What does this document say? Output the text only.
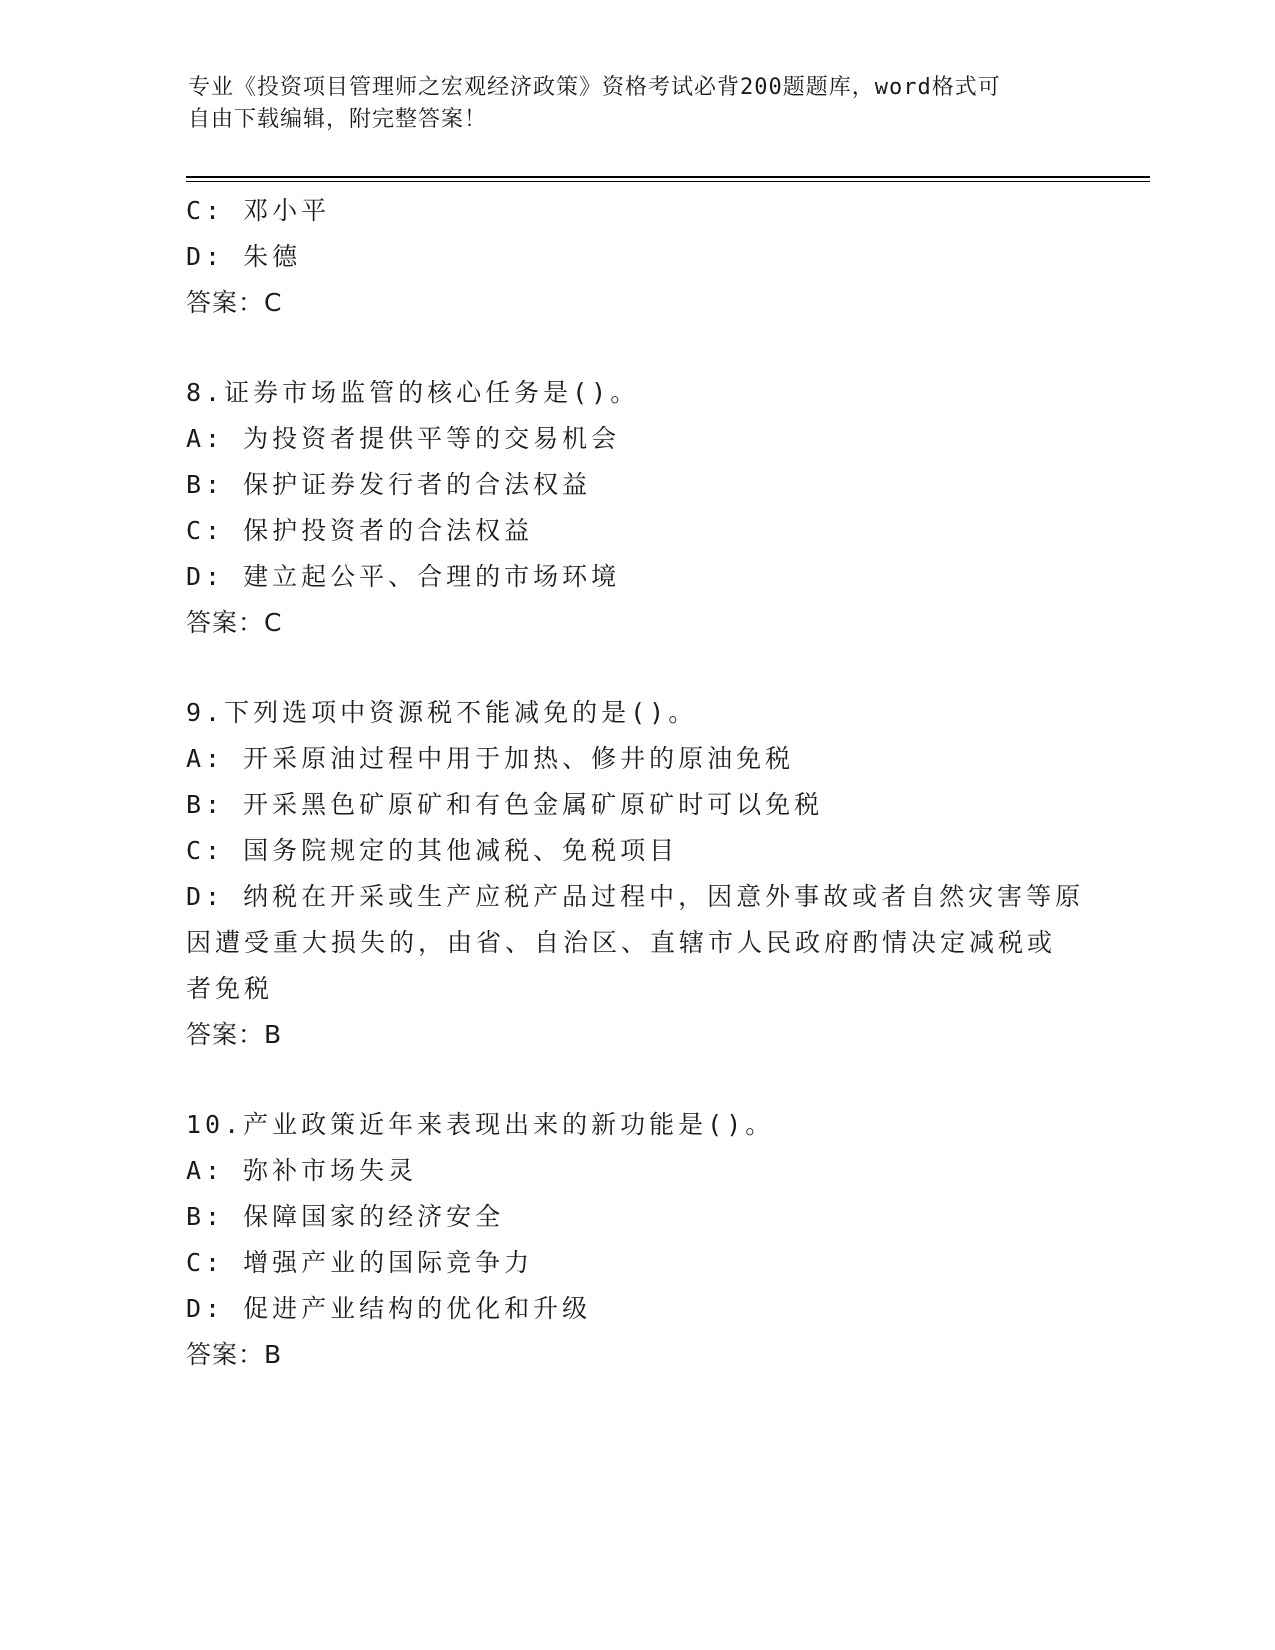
专业《投资项目管理师之宏观经济政策》资格考试必背200题题库，word格式可
自由下载编辑，附完整答案！
C: 邓小平
D: 朱德
答案：C
8.证券市场监管的核心任务是()。
A: 为投资者提供平等的交易机会
B: 保护证券发行者的合法权益
C: 保护投资者的合法权益
D: 建立起公平、合理的市场环境
答案：C
9.下列选项中资源税不能减免的是()。
A: 开采原油过程中用于加热、修井的原油免税
B: 开采黑色矿原矿和有色金属矿原矿时可以免税
C: 国务院规定的其他减税、免税项目
D: 纳税在开采或生产应税产品过程中，因意外事故或者自然灾害等原
因遭受重大损失的，由省、自治区、直辖市人民政府酌情决定减税或
者免税
答案：B
10.产业政策近年来表现出来的新功能是()。
A: 弥补市场失灵
B: 保障国家的经济安全
C: 增强产业的国际竞争力
D: 促进产业结构的优化和升级
答案：B
